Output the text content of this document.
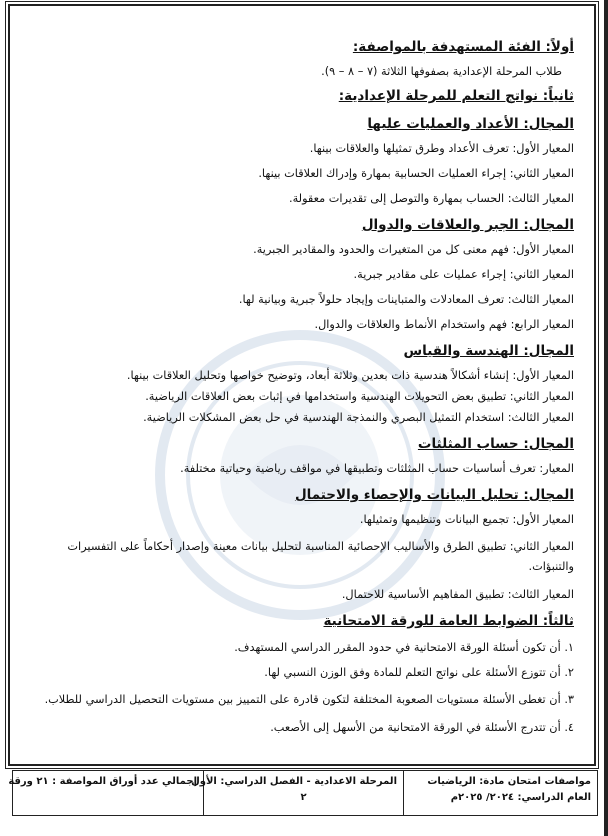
أولاً: الفئة المستهدفة بالمواصفة:
طلاب المرحلة الإعدادية بصفوفها الثلاثة (٧ – ٨ – ٩).
ثانياً: نواتج التعلم للمرحلة الإعدادية:
المجال: الأعداد والعمليات عليها
المعيار الأول: تعرف الأعداد وطرق تمثيلها والعلاقات بينها.
المعيار الثاني: إجراء العمليات الحسابية بمهارة وإدراك العلاقات بينها.
المعيار الثالث: الحساب بمهارة والتوصل إلى تقديرات معقولة.
المجال: الجبر والعلاقات والدوال
المعيار الأول: فهم معنى كل من المتغيرات والحدود والمقادير الجبرية.
المعيار الثاني: إجراء عمليات على مقادير جبرية.
المعيار الثالث: تعرف المعادلات والمتباينات وإيجاد حلولاً جبرية وبيانية لها.
المعيار الرابع: فهم واستخدام الأنماط والعلاقات والدوال.
المجال: الهندسة والقياس
المعيار الأول: إنشاء أشكالاً هندسية ذات بعدين وثلاثة أبعاد، وتوضيح خواصها وتحليل العلاقات بينها.
المعيار الثاني: تطبيق بعض التحويلات الهندسية واستخدامها في إثبات بعض العلاقات الرياضية.
المعيار الثالث: استخدام التمثيل البصري والنمذجة الهندسية في حل بعض المشكلات الرياضية.
المجال: حساب المثلثات
المعيار: تعرف أساسيات حساب المثلثات وتطبيقها في مواقف رياضية وحياتية مختلفة.
المجال: تحليل البيانات والإحصاء والاحتمال
المعيار الأول: تجميع البيانات وتنظيمها وتمثيلها.
المعيار الثاني: تطبيق الطرق والأساليب الإحصائية المناسبة لتحليل بيانات معينة وإصدار أحكاماً على التفسيرات والتنبؤات.
المعيار الثالث: تطبيق المفاهيم الأساسية للاحتمال.
ثالثاً: الضوابط العامة للورقة الامتحانية
١. أن تكون أسئلة الورقة الامتحانية في حدود المقرر الدراسي المستهدف.
٢. أن تتوزع الأسئلة على نواتج التعلم للمادة وفق الوزن النسبي لها.
٣. أن تغطى الأسئلة مستويات الصعوبة المختلفة لتكون قادرة على التمييز بين مستويات التحصيل الدراسي للطلاب.
٤. أن تتدرج الأسئلة في الورقة الامتحانية من الأسهل إلى الأصعب.
مواصفات امتحان مادة: الرياضيات
العام الدراسي: ٢٠٢٤/ ٢٠٢٥م
المرحلة الاعدادية - الفصل الدراسي: الأول
٢
إجمالي عدد أوراق المواصفة : ٢١ ورقة
